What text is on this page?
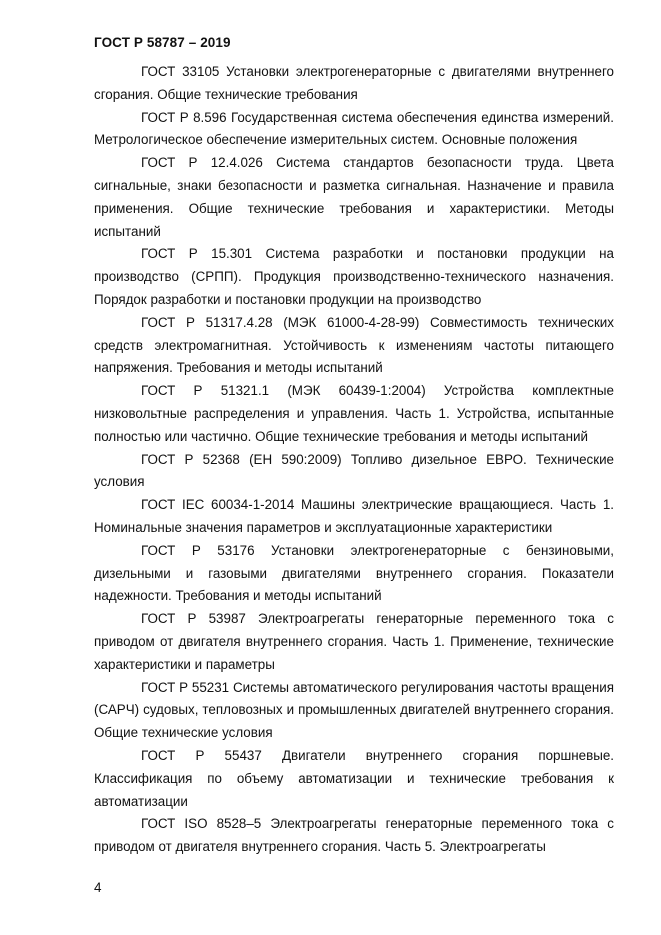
ГОСТ Р 58787 – 2019

ГОСТ 33105 Установки электрогенераторные с двигателями внутреннего сгорания. Общие технические требования

ГОСТ Р 8.596 Государственная система обеспечения единства измерений. Метрологическое обеспечение измерительных систем. Основные положения

ГОСТ Р 12.4.026 Система стандартов безопасности труда. Цвета сигнальные, знаки безопасности и разметка сигнальная. Назначение и правила применения. Общие технические требования и характеристики. Методы испытаний

ГОСТ Р 15.301 Система разработки и постановки продукции на производство (СРПП). Продукция производственно-технического назначения. Порядок разработки и постановки продукции на производство

ГОСТ Р 51317.4.28 (МЭК 61000-4-28-99) Совместимость технических средств электромагнитная. Устойчивость к изменениям частоты питающего напряжения. Требования и методы испытаний

ГОСТ Р 51321.1 (МЭК 60439-1:2004) Устройства комплектные низковольтные распределения и управления. Часть 1. Устройства, испытанные полностью или частично. Общие технические требования и методы испытаний

ГОСТ Р 52368 (ЕН 590:2009) Топливо дизельное ЕВРО. Технические условия

ГОСТ IEC 60034-1-2014 Машины электрические вращающиеся. Часть 1. Номинальные значения параметров и эксплуатационные характеристики

ГОСТ Р 53176 Установки электрогенераторные с бензиновыми, дизельными и газовыми двигателями внутреннего сгорания. Показатели надежности. Требования и методы испытаний

ГОСТ Р 53987 Электроагрегаты генераторные переменного тока с приводом от двигателя внутреннего сгорания. Часть 1. Применение, технические характеристики и параметры

ГОСТ Р 55231 Системы автоматического регулирования частоты вращения (САРЧ) судовых, тепловозных и промышленных двигателей внутреннего сгорания. Общие технические условия

ГОСТ Р 55437 Двигатели внутреннего сгорания поршневые. Классификация по объему автоматизации и технические требования к автоматизации

ГОСТ ISO 8528–5 Электроагрегаты генераторные переменного тока с приводом от двигателя внутреннего сгорания. Часть 5. Электроагрегаты

4
